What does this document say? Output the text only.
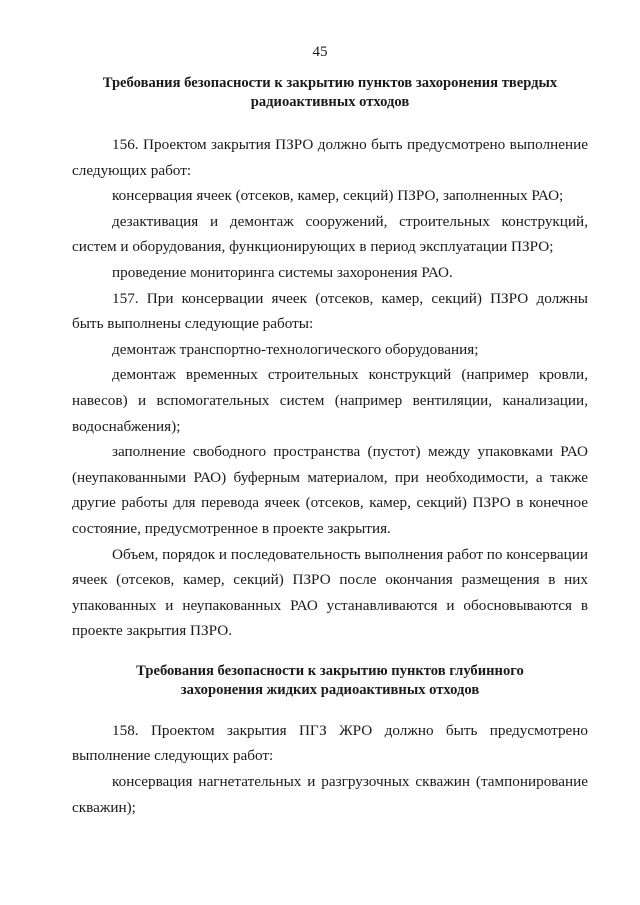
45
Требования безопасности к закрытию пунктов захоронения твердых
радиоактивных отходов

156. Проектом закрытия ПЗРО должно быть предусмотрено выполнение следующих работ:

консервация ячеек (отсеков, камер, секций) ПЗРО, заполненных РАО;

дезактивация и демонтаж сооружений, строительных конструкций, систем и оборудования, функционирующих в период эксплуатации ПЗРО;

проведение мониторинга системы захоронения РАО.

157. При консервации ячеек (отсеков, камер, секций) ПЗРО должны быть выполнены следующие работы:

демонтаж транспортно-технологического оборудования;

демонтаж временных строительных конструкций (например кровли, навесов) и вспомогательных систем (например вентиляции, канализации, водоснабжения);

заполнение свободного пространства (пустот) между упаковками РАО (неупакованными РАО) буферным материалом, при необходимости, а также другие работы для перевода ячеек (отсеков, камер, секций) ПЗРО в конечное состояние, предусмотренное в проекте закрытия.

Объем, порядок и последовательность выполнения работ по консервации ячеек (отсеков, камер, секций) ПЗРО после окончания размещения в них упакованных и неупакованных РАО устанавливаются и обосновываются в проекте закрытия ПЗРО.

Требования безопасности к закрытию пунктов глубинного
захоронения жидких радиоактивных отходов

158. Проектом закрытия ПГЗ ЖРО должно быть предусмотрено выполнение следующих работ:

консервация нагнетательных и разгрузочных скважин (тампонирование скважин);
